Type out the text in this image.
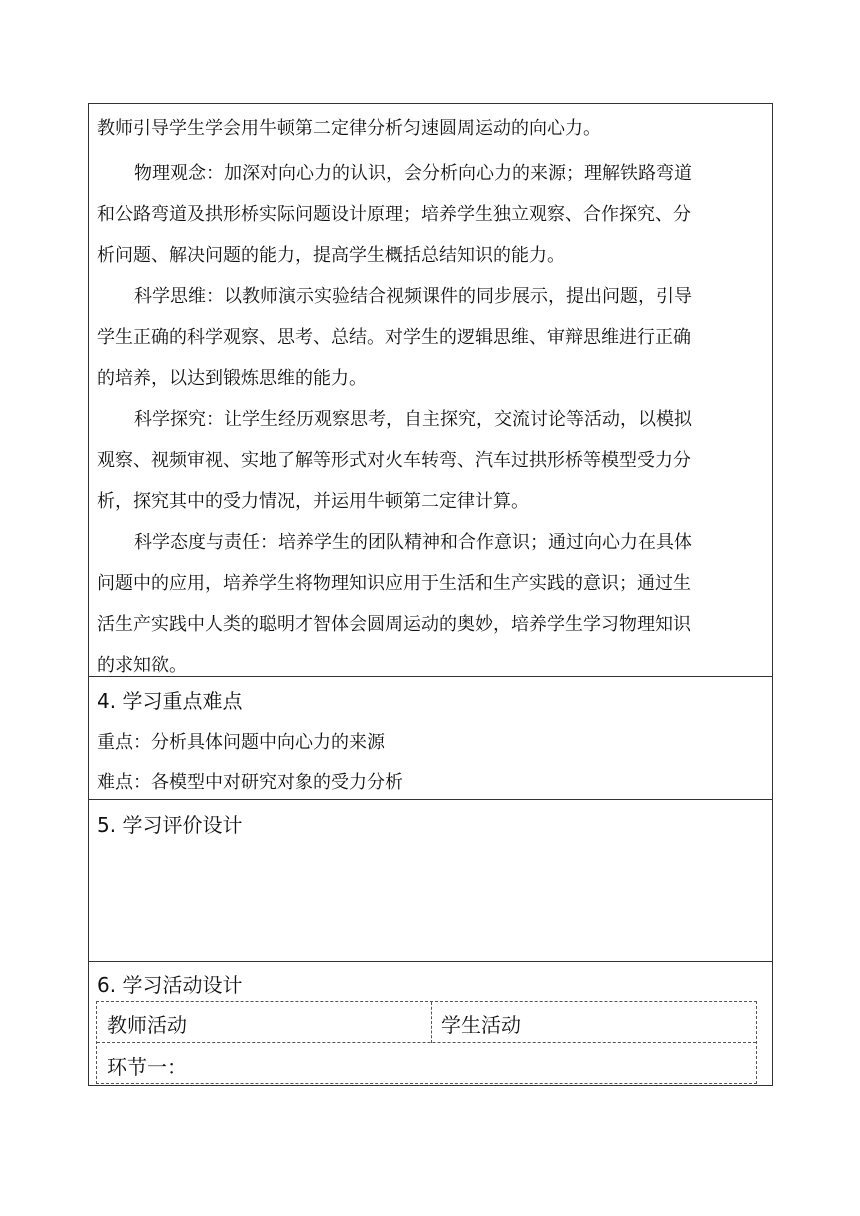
教师引导学生学会用牛顿第二定律分析匀速圆周运动的向心力。

物理观念：加深对向心力的认识，会分析向心力的来源；理解铁路弯道

和公路弯道及拱形桥实际问题设计原理；培养学生独立观察、合作探究、分

析问题、解决问题的能力，提高学生概括总结知识的能力。

科学思维：以教师演示实验结合视频课件的同步展示，提出问题，引导

学生正确的科学观察、思考、总结。对学生的逻辑思维、审辩思维进行正确

的培养，以达到锻炼思维的能力。

科学探究：让学生经历观察思考，自主探究，交流讨论等活动，以模拟

观察、视频审视、实地了解等形式对火车转弯、汽车过拱形桥等模型受力分

析，探究其中的受力情况，并运用牛顿第二定律计算。

科学态度与责任：培养学生的团队精神和合作意识；通过向心力在具体

问题中的应用，培养学生将物理知识应用于生活和生产实践的意识；通过生

活生产实践中人类的聪明才智体会圆周运动的奥妙，培养学生学习物理知识

的求知欲。

4. 学习重点难点

重点：分析具体问题中向心力的来源

难点：各模型中对研究对象的受力分析

5. 学习评价设计

6. 学习活动设计

教师活动	学生活动

环节一：
